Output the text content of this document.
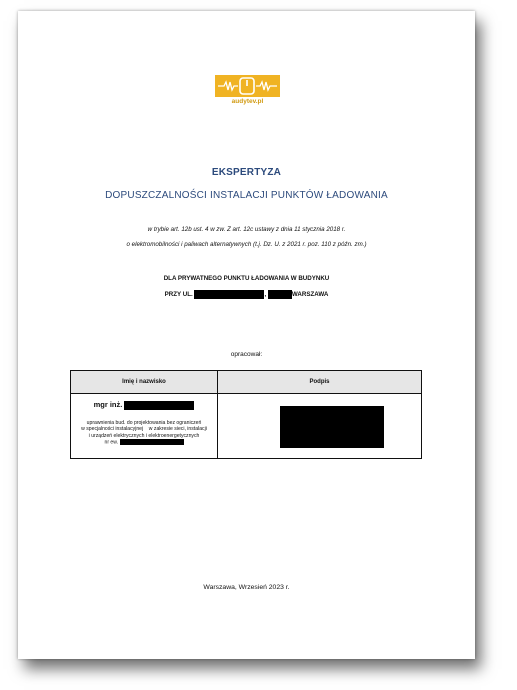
audytev.pl
EKSPERTYZA
DOPUSZCZALNOŚCI INSTALACJI PUNKTÓW ŁADOWANIA
w trybie art. 12b ust. 4 w zw. Z art. 12c ustawy z dnia 11 stycznia 2018 r.
o elektromobilności i paliwach alternatywnych (t.j. Dz. U. z 2021 r. poz. 110 z późn. zm.)
DLA PRYWATNEGO PUNKTU ŁADOWANIA W BUDYNKU
PRZY UL.	,	WARSZAWA
opracował:
Imię i nazwisko	Podpis

mgr inż.
uprawnienia bud. do projektowania bez ograniczeń
w specjalności instalacyjnej    w zakresie sieci, instalacji
i urządzeń elektrycznych i elektroenergetycznych
nr ew.	

Warszawa, Wrzesień 2023 r.
